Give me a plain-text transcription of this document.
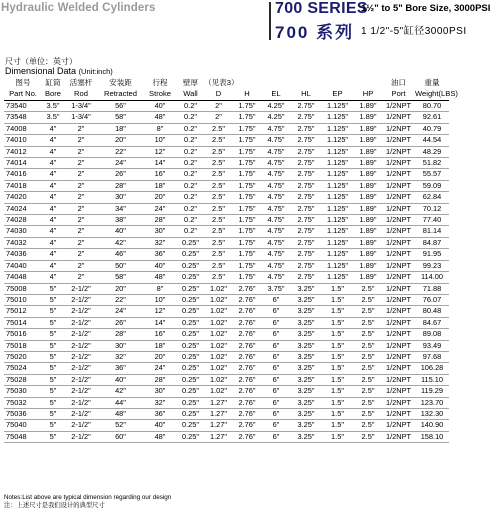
Hydraulic Welded Cylinders	700 SERIES
700 系列
1½" to 5" Bore Size, 3000PSI
1 1/2"-5"缸径3000PSI
尺寸（单位：英寸）
Dimensional Data (Unit:inch)
图号	缸筒	活塞杆	安装距	行程	壁厚	（见表3）						油口	重量
Part No.	Bore	Rod	Retracted	Stroke	Wall	D	H	EL	HL	EP	HP	Port	Weight(LBS)
73540	3.5"	1-3/4"	56"	40"	0.2"	2"	1.75"	4.25"	2.75"	1.125"	1.89"	1/2NPT	80.70
73548	3.5"	1-3/4"	58"	48"	0.2"	2"	1.75"	4.25"	2.75"	1.125"	1.89"	1/2NPT	92.61
74008	4"	2"	18"	8"	0.2"	2.5"	1.75"	4.75"	2.75"	1.125"	1.89"	1/2NPT	40.79
74010	4"	2"	20"	10"	0.2"	2.5"	1.75"	4.75"	2.75"	1.125"	1.89"	1/2NPT	44.54
74012	4"	2"	22"	12"	0.2"	2.5"	1.75"	4.75"	2.75"	1.125"	1.89"	1/2NPT	48.29
74014	4"	2"	24"	14"	0.2"	2.5"	1.75"	4.75"	2.75"	1.125"	1.89"	1/2NPT	51.82
74016	4"	2"	26"	16"	0.2"	2.5"	1.75"	4.75"	2.75"	1.125"	1.89"	1/2NPT	55.57
74018	4"	2"	28"	18"	0.2"	2.5"	1.75"	4.75"	2.75"	1.125"	1.89"	1/2NPT	59.09
74020	4"	2"	30"	20"	0.2"	2.5"	1.75"	4.75"	2.75"	1.125"	1.89"	1/2NPT	62.84
74024	4"	2"	34"	24"	0.2"	2.5"	1.75"	4.75"	2.75"	1.125"	1.89"	1/2NPT	70.12
74028	4"	2"	38"	28"	0.2"	2.5"	1.75"	4.75"	2.75"	1.125"	1.89"	1/2NPT	77.40
74030	4"	2"	40"	30"	0.2"	2.5"	1.75"	4.75"	2.75"	1.125"	1.89"	1/2NPT	81.14
74032	4"	2"	42"	32"	0.25"	2.5"	1.75"	4.75"	2.75"	1.125"	1.89"	1/2NPT	84.87
74036	4"	2"	46"	36"	0.25"	2.5"	1.75"	4.75"	2.75"	1.125"	1.89"	1/2NPT	91.95
74040	4"	2"	50"	40"	0.25"	2.5"	1.75"	4.75"	2.75"	1.125"	1.89"	1/2NPT	99.23
74048	4"	2"	58"	48"	0.25"	2.5"	1.75"	4.75"	2.75"	1.125"	1.89"	1/2NPT	114.00
75008	5"	2-1/2"	20"	8"	0.25"	1.02"	2.76"	3.75"	3.25"	1.5"	2.5"	1/2NPT	71.88
75010	5"	2-1/2"	22"	10"	0.25"	1.02"	2.76"	6"	3.25"	1.5"	2.5"	1/2NPT	76.07
75012	5"	2-1/2"	24"	12"	0.25"	1.02"	2.76"	6"	3.25"	1.5"	2.5"	1/2NPT	80.48
75014	5"	2-1/2"	26"	14"	0.25"	1.02"	2.76"	6"	3.25"	1.5"	2.5"	1/2NPT	84.67
75016	5"	2-1/2"	28"	16"	0.25"	1.02"	2.76"	6"	3.25"	1.5"	2.5"	1/2NPT	89.08
75018	5"	2-1/2"	30"	18"	0.25"	1.02"	2.76"	6"	3.25"	1.5"	2.5"	1/2NPT	93.49
75020	5"	2-1/2"	32"	20"	0.25"	1.02"	2.76"	6"	3.25"	1.5"	2.5"	1/2NPT	97.68
75024	5"	2-1/2"	36"	24"	0.25"	1.02"	2.76"	6"	3.25"	1.5"	2.5"	1/2NPT	106.28
75028	5"	2-1/2"	40"	28"	0.25"	1.02"	2.76"	6"	3.25"	1.5"	2.5"	1/2NPT	115.10
75030	5"	2-1/2"	42"	30"	0.25"	1.02"	2.76"	6"	3.25"	1.5"	2.5"	1/2NPT	119.29
75032	5"	2-1/2"	44"	32"	0.25"	1.27"	2.76"	6"	3.25"	1.5"	2.5"	1/2NPT	123.70
75036	5"	2-1/2"	48"	36"	0.25"	1.27"	2.76"	6"	3.25"	1.5"	2.5"	1/2NPT	132.30
75040	5"	2-1/2"	52"	40"	0.25"	1.27"	2.76"	6"	3.25"	1.5"	2.5"	1/2NPT	140.90
75048	5"	2-1/2"	60"	48"	0.25"	1.27"	2.76"	6"	3.25"	1.5"	2.5"	1/2NPT	158.10
Notes:List above are typical dimension regarding our design
注：上述尺寸是我们设计的典型尺寸
